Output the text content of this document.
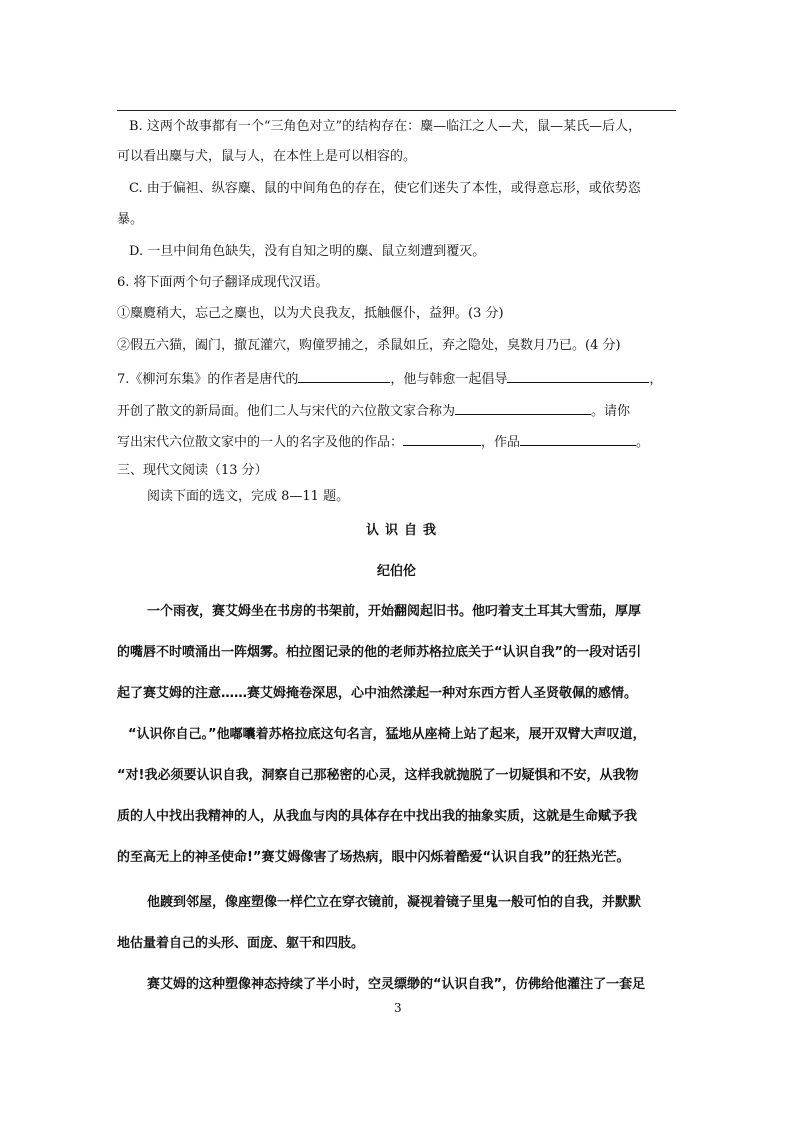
B. 这两个故事都有一个“三角色对立”的结构存在：麋—临江之人—犬，鼠—某氏—后人，
可以看出麋与犬，鼠与人，在本性上是可以相容的。
C. 由于偏袒、纵容麋、鼠的中间角色的存在，使它们迷失了本性，或得意忘形，或依势恣
暴。
D. 一旦中间角色缺失，没有自知之明的麋、鼠立刻遭到覆灭。
6. 将下面两个句子翻译成现代汉语。
①麋麑稍大，忘己之麋也，以为犬良我友，抵触偃仆，益狎。(3 分)
②假五六猫，阖门，撤瓦灌穴，购僮罗捕之，杀鼠如丘，弃之隐处，臭数月乃已。(4 分)
7.《柳河东集》的作者是唐代的	，他与韩愈一起倡导	，
开创了散文的新局面。他们二人与宋代的六位散文家合称为	。请你
写出宋代六位散文家中的一人的名字及他的作品：	，作品	。
三、现代文阅读（13 分）
阅读下面的选文，完成 8—11 题。
认识自我
纪伯伦
一个雨夜，赛艾姆坐在书房的书架前，开始翻阅起旧书。他叼着支土耳其大雪茄，厚厚
的嘴唇不时喷涌出一阵烟雾。柏拉图记录的他的老师苏格拉底关于“认识自我”的一段对话引
起了赛艾姆的注意……赛艾姆掩卷深思，心中油然漾起一种对东西方哲人圣贤敬佩的感情。
“认识你自己。”他嘟囔着苏格拉底这句名言，猛地从座椅上站了起来，展开双臂大声叹道，
“对!我必须要认识自我，洞察自己那秘密的心灵，这样我就抛脱了一切疑惧和不安，从我物
质的人中找出我精神的人，从我血与肉的具体存在中找出我的抽象实质，这就是生命赋予我
的至高无上的神圣使命!”赛艾姆像害了场热病，眼中闪烁着酷爱“认识自我”的狂热光芒。
他踱到邻屋，像座塑像一样伫立在穿衣镜前，凝视着镜子里鬼一般可怕的自我，并默默
地估量着自己的头形、面庞、躯干和四肢。
赛艾姆的这种塑像神态持续了半小时，空灵缥缈的“认识自我”，仿佛给他灌注了一套足
3
